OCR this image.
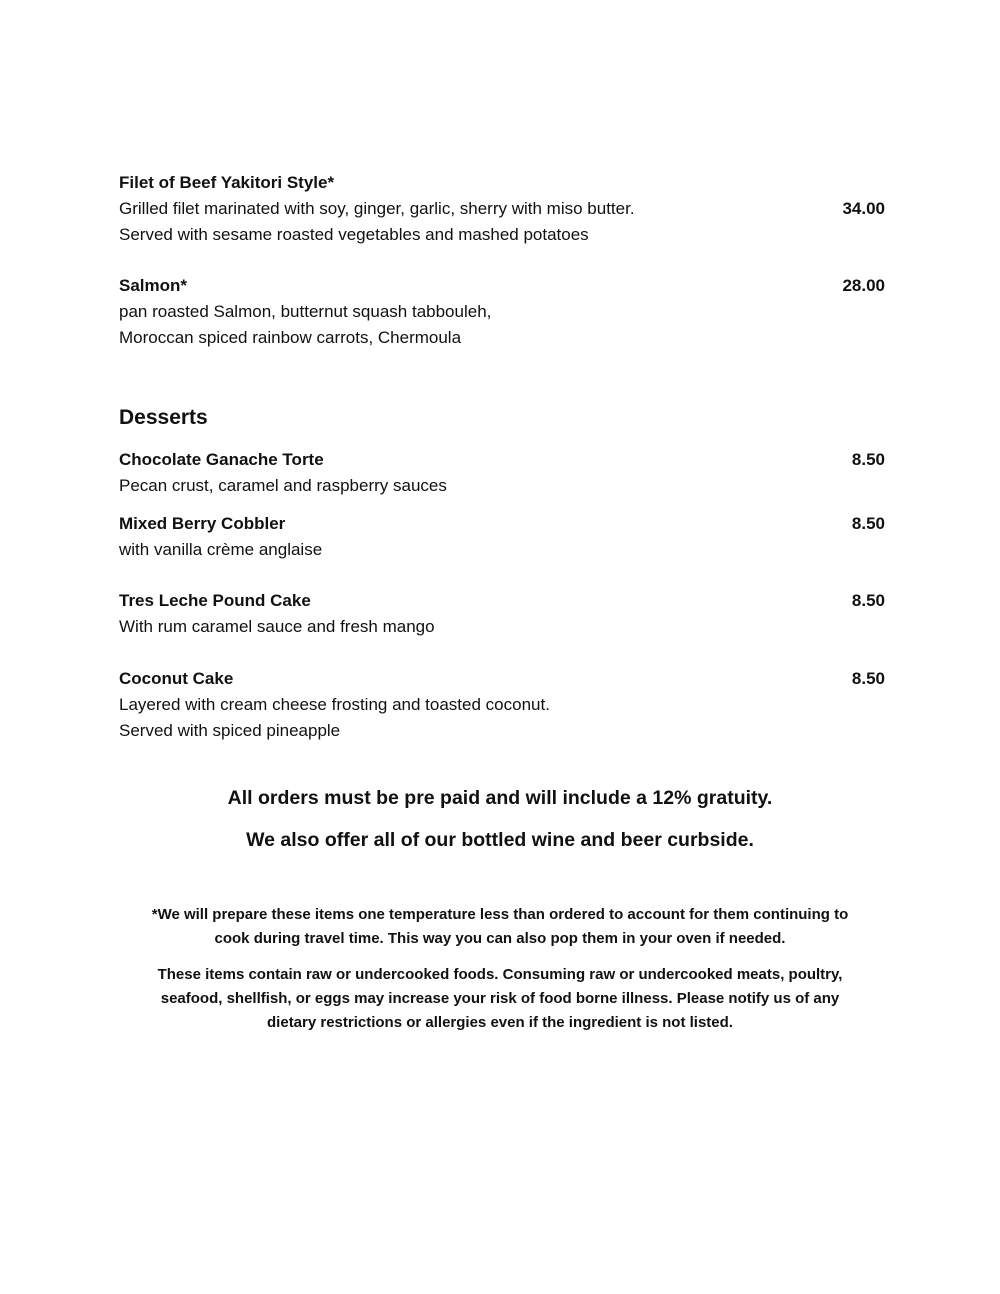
Filet of Beef Yakitori Style*
Grilled filet marinated with soy, ginger, garlic, sherry with miso butter.	34.00
Served with sesame roasted vegetables and mashed potatoes
Salmon*	28.00
pan roasted Salmon, butternut squash tabbouleh,
Moroccan spiced rainbow carrots, Chermoula
Desserts
Chocolate Ganache Torte	8.50
Pecan crust, caramel and raspberry sauces
Mixed Berry Cobbler	8.50
with vanilla crème anglaise
Tres Leche Pound Cake	8.50
With rum caramel sauce and fresh mango
Coconut Cake	8.50
Layered with cream cheese frosting and toasted coconut.
Served with spiced pineapple
All orders must be pre paid and will include a 12% gratuity.
We also offer all of our bottled wine and beer curbside.
*We will prepare these items one temperature less than ordered to account for them continuing to
cook during travel time. This way you can also pop them in your oven if needed.
These items contain raw or undercooked foods. Consuming raw or undercooked meats, poultry,
seafood, shellfish, or eggs may increase your risk of food borne illness. Please notify us of any
dietary restrictions or allergies even if the ingredient is not listed.
